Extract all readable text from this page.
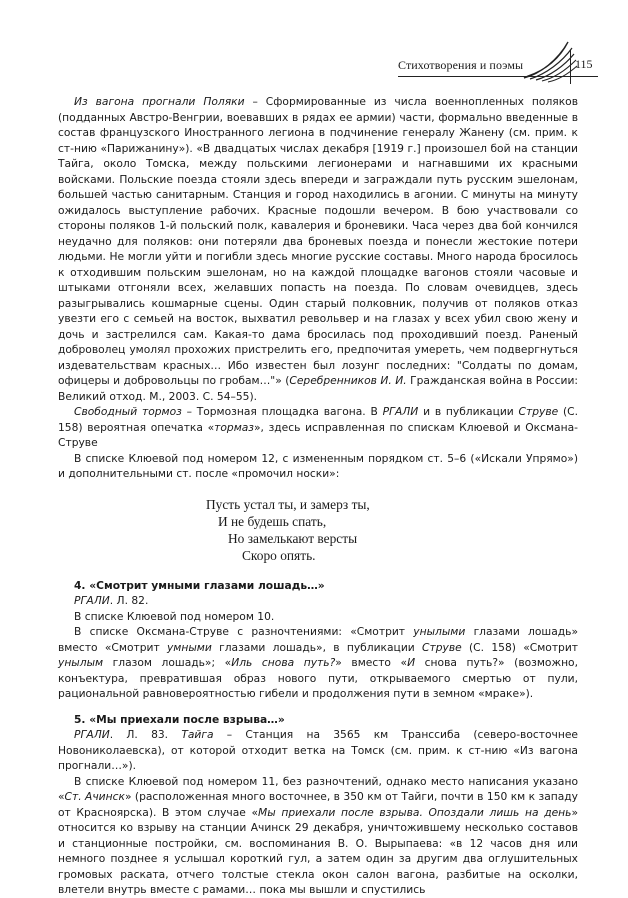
Стихотворения и поэмы	115

Из вагона прогнали Поляки – Сформированные из числа военнопленных поляков (подданных Австро-Венгрии, воевавших в рядах ее армии) части, формально введенные в состав французского Иностранного легиона в подчинение генералу Жанену (см. прим. к ст-нию «Парижанину»). «В двадцатых числах декабря [1919 г.] произошел бой на станции Тайга, около Томска, между польскими легионерами и нагнавшими их красными войсками. Польские поезда стояли здесь впереди и заграждали путь русским эшелонам, большей частью санитарным. Станция и город находились в агонии. С минуты на минуту ожидалось выступление рабочих. Красные подошли вечером. В бою участвовали со стороны поляков 1-й польский полк, кавалерия и броневики. Часа через два бой кончился неудачно для поляков: они потеряли два броневых поезда и понесли жестокие потери людьми. Не могли уйти и погибли здесь многие русские составы. Много народа бросилось к отходившим польским эшелонам, но на каждой площадке вагонов стояли часовые и штыками отгоняли всех, желавших попасть на поезда. По словам очевидцев, здесь разыгрывались кошмарные сцены. Один старый полковник, получив от поляков отказ увезти его с семьей на восток, выхватил револьвер и на глазах у всех убил свою жену и дочь и застрелился сам. Какая-то дама бросилась под проходивший поезд. Раненый доброволец умолял прохожих пристрелить его, предпочитая умереть, чем подвергнуться издевательствам красных… Ибо известен был лозунг последних: "Солдаты по домам, офицеры и добровольцы по гробам…"» (Серебренников И. И. Гражданская война в России: Великий отход. М., 2003. С. 54–55).

Свободный тормоз – Тормозная площадка вагона. В РГАЛИ и в публикации Струве (С. 158) вероятная опечатка «тормаз», здесь исправленная по спискам Клюевой и Оксмана-Струве

В списке Клюевой под номером 12, с измененным порядком ст. 5–6 («Искали Упрямо») и дополнительными ст. после «промочил носки»:

Пусть устал ты, и замерз ты,
И не будешь спать,
Но замелькают версты
Скоро опять.

4. «Смотрит умными глазами лошадь…»

РГАЛИ. Л. 82.

В списке Клюевой под номером 10.

В списке Оксмана-Струве с разночтениями: «Смотрит унылыми глазами лошадь» вместо «Смотрит умными глазами лошадь», в публикации Струве (С. 158) «Смотрит унылым глазом лошадь»; «Иль снова путь?» вместо «И снова путь?» (возможно, конъектура, превратившая образ нового пути, открываемого смертью от пули, рациональной равновероятностью гибели и продолжения пути в земном «мраке»).

5. «Мы приехали после взрыва…»

РГАЛИ. Л. 83. Тайга – Станция на 3565 км Транссиба (северо-восточнее Новониколаевска), от которой отходит ветка на Томск (см. прим. к ст-нию «Из вагона прогнали…»).

В списке Клюевой под номером 11, без разночтений, однако место написания указано «Ст. Ачинск» (расположенная много восточнее, в 350 км от Тайги, почти в 150 км к западу от Красноярска). В этом случае «Мы приехали после взрыва. Опоздали лишь на день» относится ко взрыву на станции Ачинск 29 декабря, уничтожившему несколько составов и станционные постройки, см. воспоминания В. О. Вырыпаева: «в 12 часов дня или немного позднее я услышал короткий гул, а затем один за другим два оглушительных громовых раската, отчего толстые стекла окон салон вагона, разбитые на осколки, влетели внутрь вместе с рамами… пока мы вышли и спустились
